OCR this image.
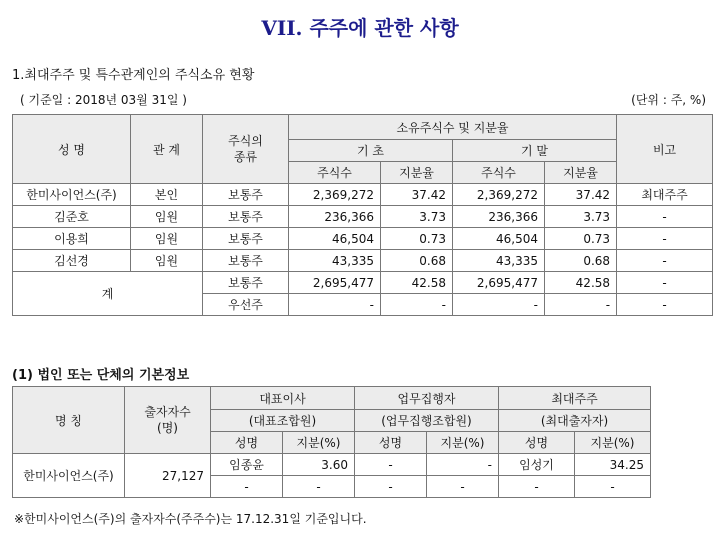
VII. 주주에 관한 사항
1.최대주주 및 특수관계인의 주식소유 현황
( 기준일 : 2018년 03월 31일 )	(단위 : 주, %)
성 명	관 계	주식의 종류	소유주식수 및 지분율				비고
			기 초		기 말		
			주식수	지분율	주식수	지분율	
한미사이언스(주)	본인	보통주	2,369,272	37.42	2,369,272	37.42	최대주주
김준호	임원	보통주	236,366	3.73	236,366	3.73	-
이용희	임원	보통주	46,504	0.73	46,504	0.73	-
김선경	임원	보통주	43,335	0.68	43,335	0.68	-
계		보통주	2,695,477	42.58	2,695,477	42.58	-
		우선주	-	-	-	-	-
(1) 법인 또는 단체의 기본정보
명 칭	출자자수 (명)	대표이사		업무집행자		최대주주	
		(대표조합원)		(업무집행조합원)		(최대출자자)	
		성명	지분(%)	성명	지분(%)	성명	지분(%)
한미사이언스(주)	27,127	임종윤	3.60	-	-	임성기	34.25
		-	-	-	-	-	-
※한미사이언스(주)의 출자자수(주주수)는 17.12.31일 기준입니다.
